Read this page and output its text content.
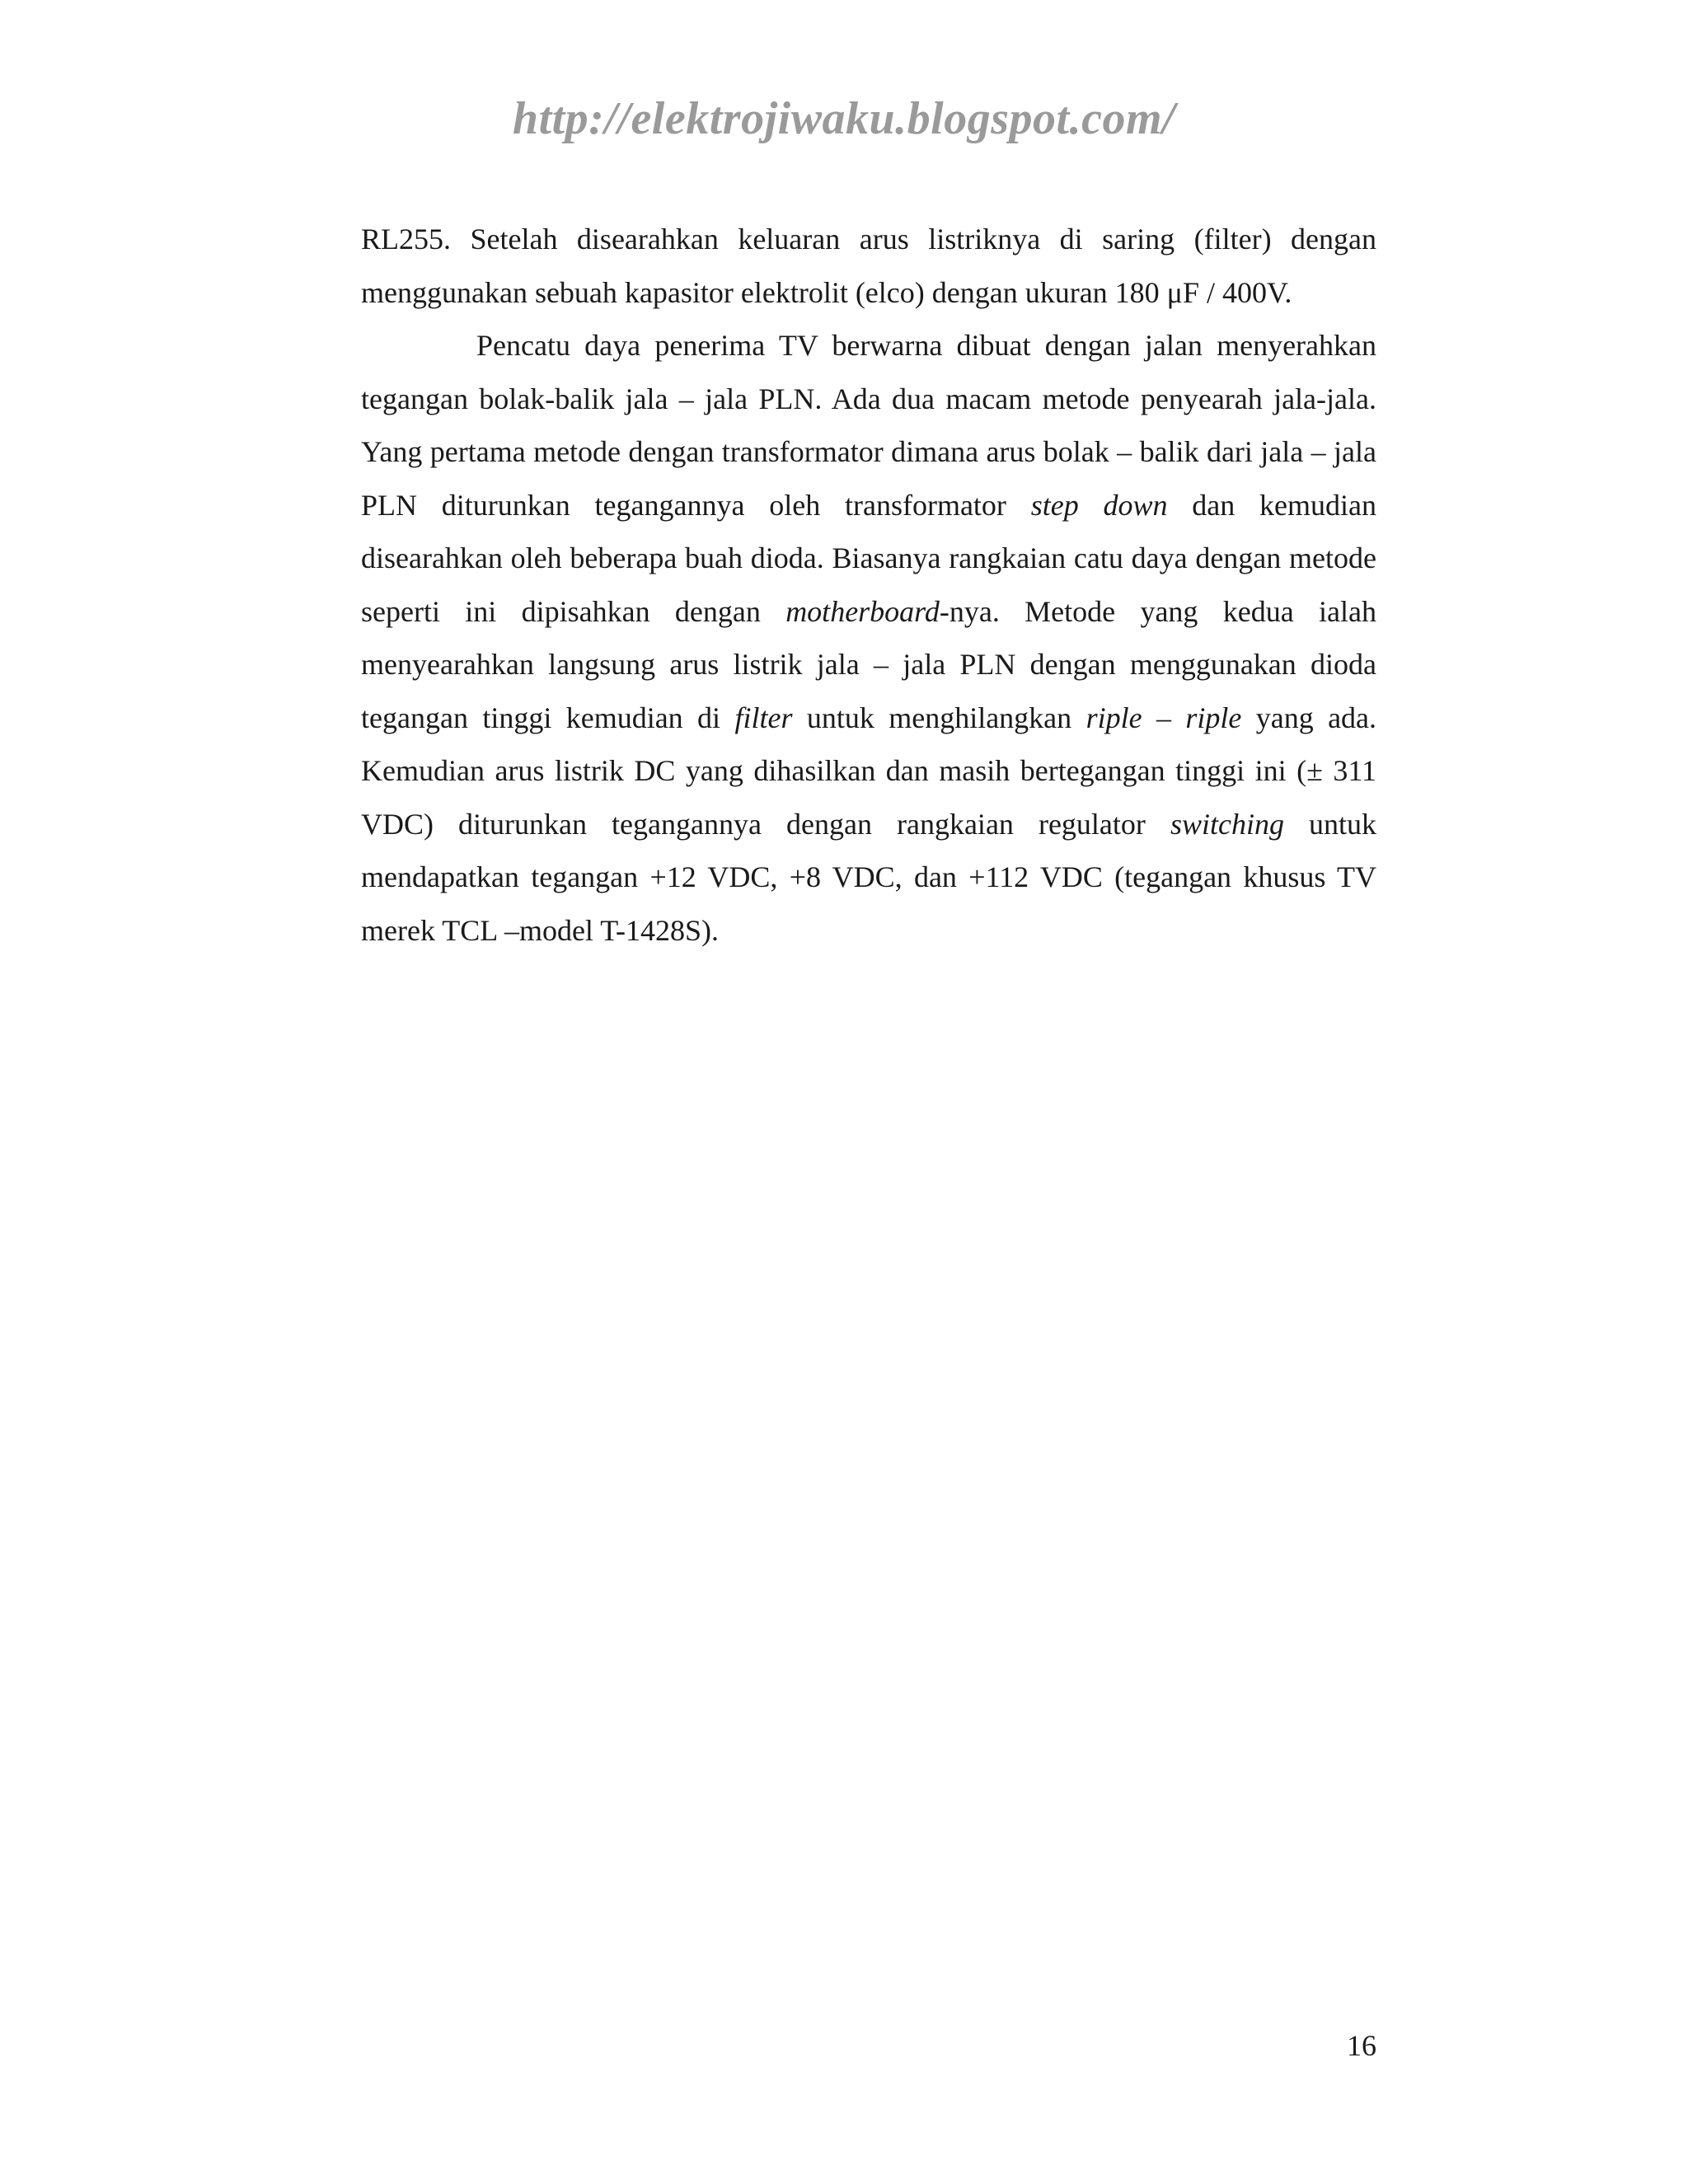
http://elektrojiwaku.blogspot.com/

RL255. Setelah disearahkan keluaran arus listriknya di saring (filter) dengan menggunakan sebuah kapasitor elektrolit (elco) dengan ukuran 180 μF / 400V.

Pencatu daya penerima TV berwarna dibuat dengan jalan menyerahkan tegangan bolak-balik jala – jala PLN. Ada dua macam metode penyearah jala-jala. Yang pertama metode dengan transformator dimana arus bolak – balik dari jala – jala PLN diturunkan tegangannya oleh transformator step down dan kemudian disearahkan oleh beberapa buah dioda. Biasanya rangkaian catu daya dengan metode seperti ini dipisahkan dengan motherboard-nya. Metode yang kedua ialah menyearahkan langsung arus listrik jala – jala PLN dengan menggunakan dioda tegangan tinggi kemudian di filter untuk menghilangkan riple – riple yang ada. Kemudian arus listrik DC yang dihasilkan dan masih bertegangan tinggi ini (± 311 VDC) diturunkan tegangannya dengan rangkaian regulator switching untuk mendapatkan tegangan +12 VDC, +8 VDC, dan +112 VDC (tegangan khusus TV merek TCL –model T-1428S).

16
